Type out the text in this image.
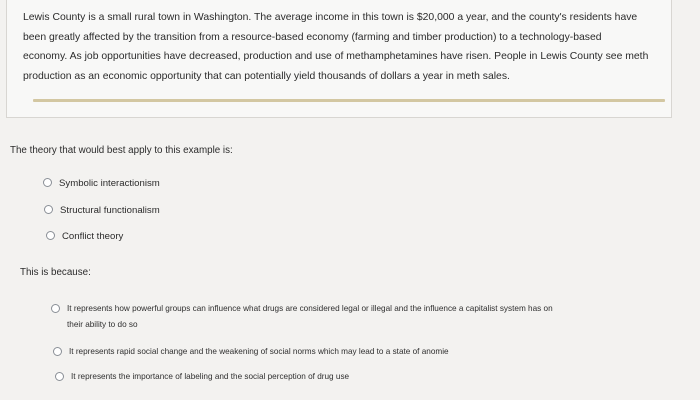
Lewis County is a small rural town in Washington. The average income in this town is $20,000 a year, and the county's residents have
been greatly affected by the transition from a resource-based economy (farming and timber production) to a technology-based
economy. As job opportunities have decreased, production and use of methamphetamines have risen. People in Lewis County see meth
production as an economic opportunity that can potentially yield thousands of dollars a year in meth sales.

The theory that would best apply to this example is:

Symbolic interactionism
Structural functionalism
Conflict theory

This is because:

It represents how powerful groups can influence what drugs are considered legal or illegal and the influence a capitalist system has on
their ability to do so
It represents rapid social change and the weakening of social norms which may lead to a state of anomie
It represents the importance of labeling and the social perception of drug use
